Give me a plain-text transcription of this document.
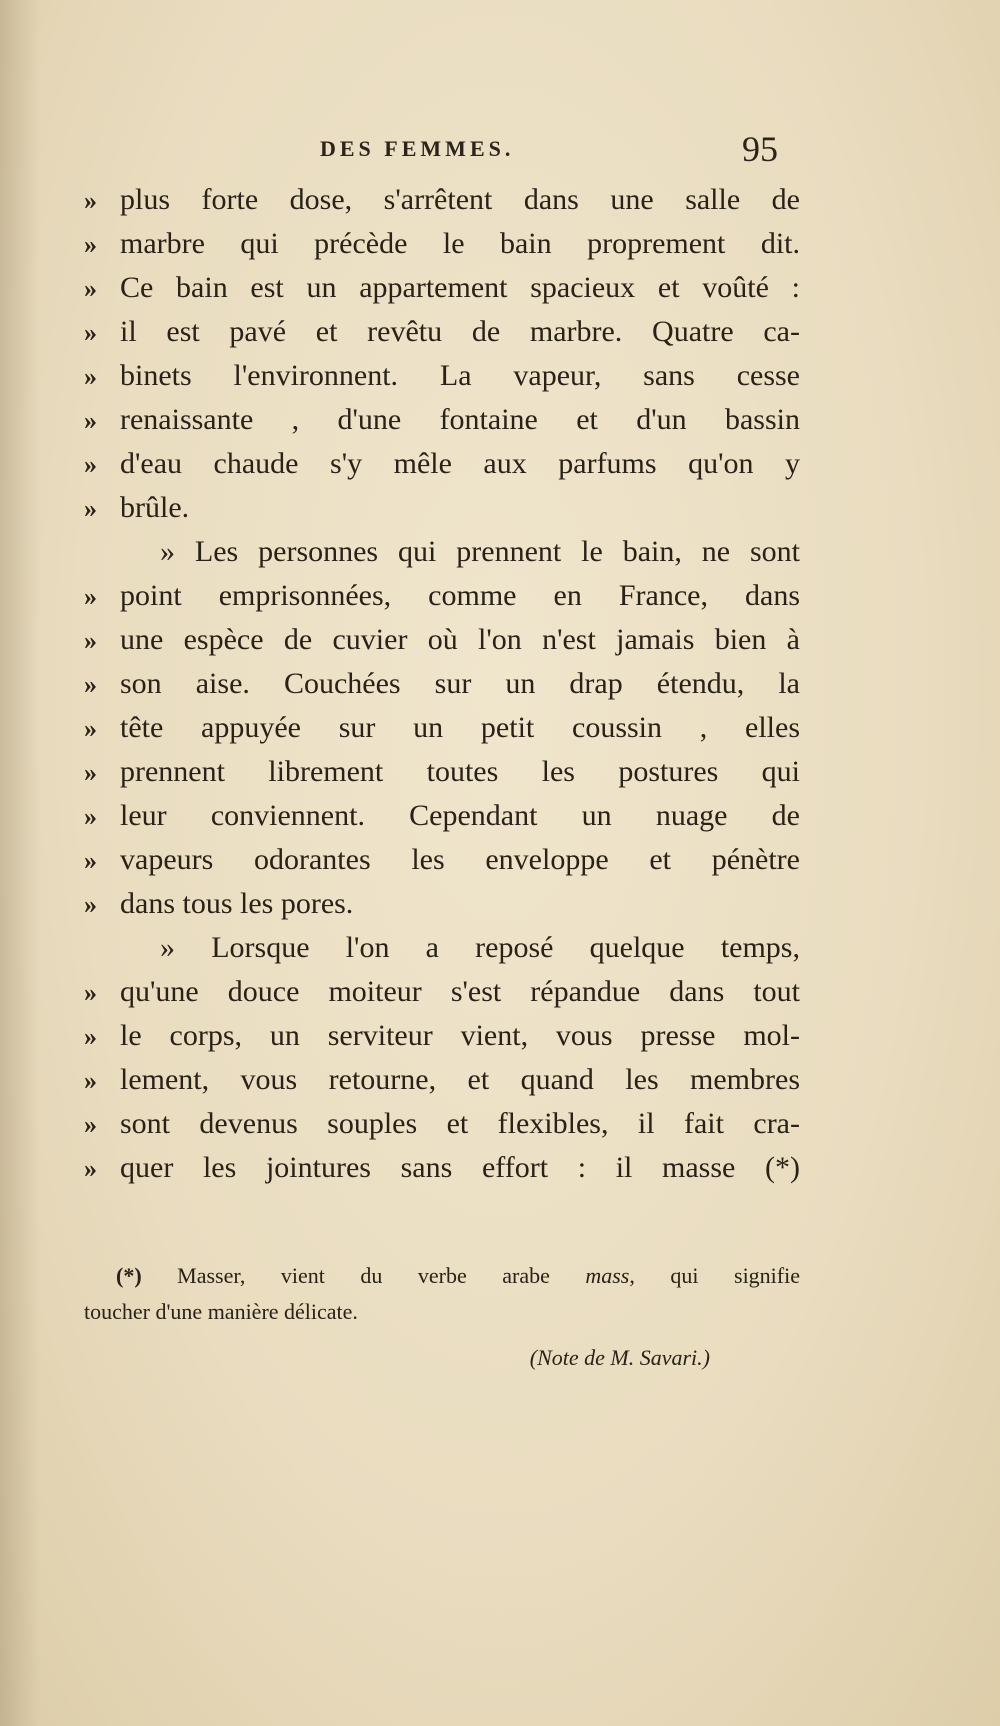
DES FEMMES.	95
» plus forte dose, s'arrêtent dans une salle de
» marbre qui précède le bain proprement dit.
» Ce bain est un appartement spacieux et voûté :
» il est pavé et revêtu de marbre. Quatre ca-
» binets l'environnent. La vapeur, sans cesse
» renaissante , d'une fontaine et d'un bassin
» d'eau chaude s'y mêle aux parfums qu'on y
» brûle.
» Les personnes qui prennent le bain, ne sont
» point emprisonnées, comme en France, dans
» une espèce de cuvier où l'on n'est jamais bien à
» son aise. Couchées sur un drap étendu, la
» tête appuyée sur un petit coussin , elles
» prennent librement toutes les postures qui
» leur conviennent. Cependant un nuage de
» vapeurs odorantes les enveloppe et pénètre
» dans tous les pores.
» Lorsque l'on a reposé quelque temps,
» qu'une douce moiteur s'est répandue dans tout
» le corps, un serviteur vient, vous presse mol-
» lement, vous retourne, et quand les membres
» sont devenus souples et flexibles, il fait cra-
» quer les jointures sans effort : il masse (*)
(*) Masser, vient du verbe arabe mass, qui signifie
toucher d'une manière délicate.
(Note de M. Savari.)
